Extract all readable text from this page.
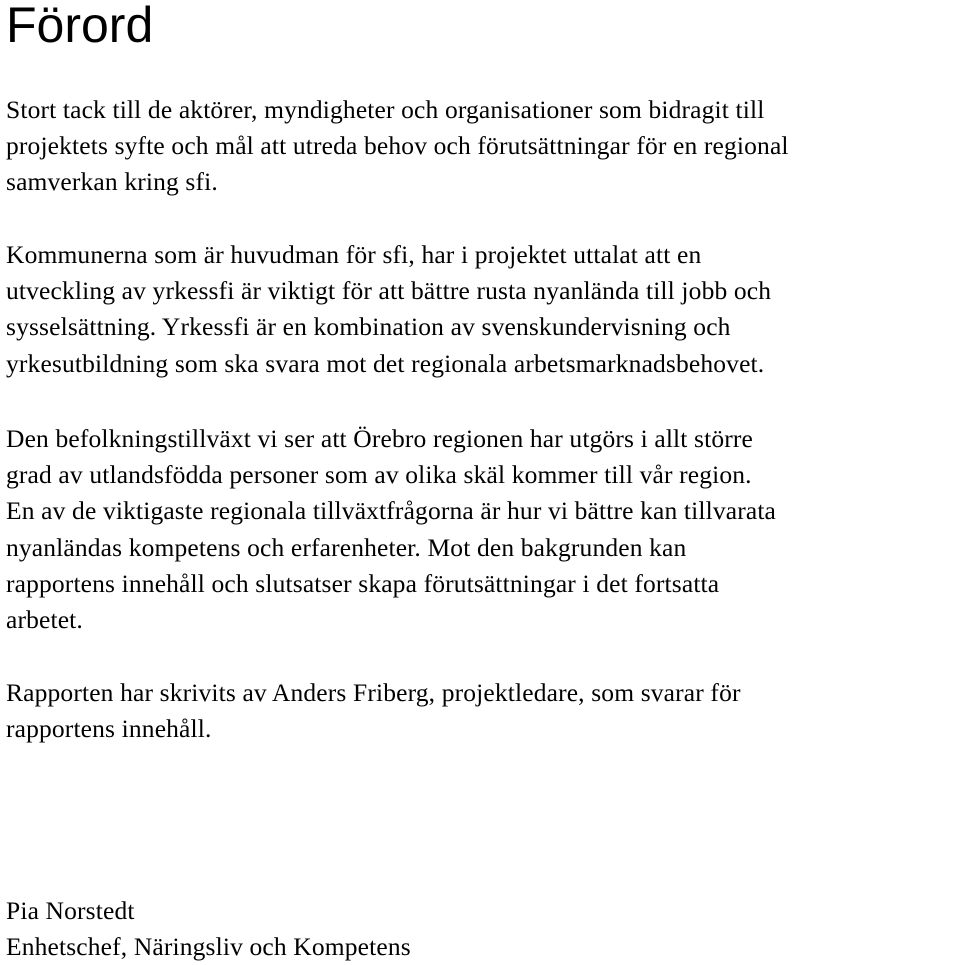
Förord

Stort tack till de aktörer, myndigheter och organisationer som bidragit till
projektets syfte och mål att utreda behov och förutsättningar för en regional
samverkan kring sfi.

Kommunerna som är huvudman för sfi, har i projektet uttalat att en
utveckling av yrkessfi är viktigt för att bättre rusta nyanlända till jobb och
sysselsättning. Yrkessfi är en kombination av svenskundervisning och
yrkesutbildning som ska svara mot det regionala arbetsmarknadsbehovet.

Den befolkningstillväxt vi ser att Örebro regionen har utgörs i allt större
grad av utlandsfödda personer som av olika skäl kommer till vår region.
En av de viktigaste regionala tillväxtfrågorna är hur vi bättre kan tillvarata
nyanländas kompetens och erfarenheter. Mot den bakgrunden kan
rapportens innehåll och slutsatser skapa förutsättningar i det fortsatta
arbetet.

Rapporten har skrivits av Anders Friberg, projektledare, som svarar för
rapportens innehåll.

Pia Norstedt
Enhetschef, Näringsliv och Kompetens
